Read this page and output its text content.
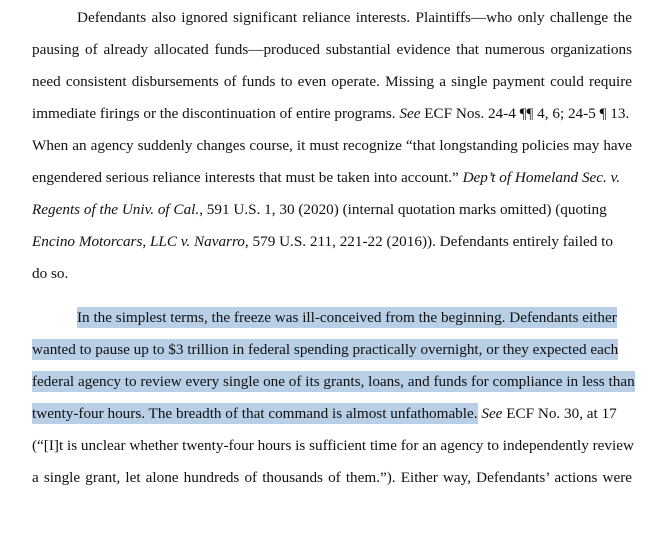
Defendants also ignored significant reliance interests. Plaintiffs—who only challenge the
pausing of already allocated funds—produced substantial evidence that numerous organizations
need consistent disbursements of funds to even operate. Missing a single payment could require
immediate firings or the discontinuation of entire programs. See ECF Nos. 24-4 ¶¶ 4, 6; 24-5 ¶ 13.
When an agency suddenly changes course, it must recognize “that longstanding policies may have
engendered serious reliance interests that must be taken into account.” Dep’t of Homeland Sec. v.
Regents of the Univ. of Cal., 591 U.S. 1, 30 (2020) (internal quotation marks omitted) (quoting
Encino Motorcars, LLC v. Navarro, 579 U.S. 211, 221-22 (2016)). Defendants entirely failed to
do so.
In the simplest terms, the freeze was ill-conceived from the beginning. Defendants either
wanted to pause up to $3 trillion in federal spending practically overnight, or they expected each
federal agency to review every single one of its grants, loans, and funds for compliance in less than
twenty-four hours. The breadth of that command is almost unfathomable. See ECF No. 30, at 17
(“[I]t is unclear whether twenty-four hours is sufficient time for an agency to independently review
a single grant, let alone hundreds of thousands of them.”). Either way, Defendants’ actions were
